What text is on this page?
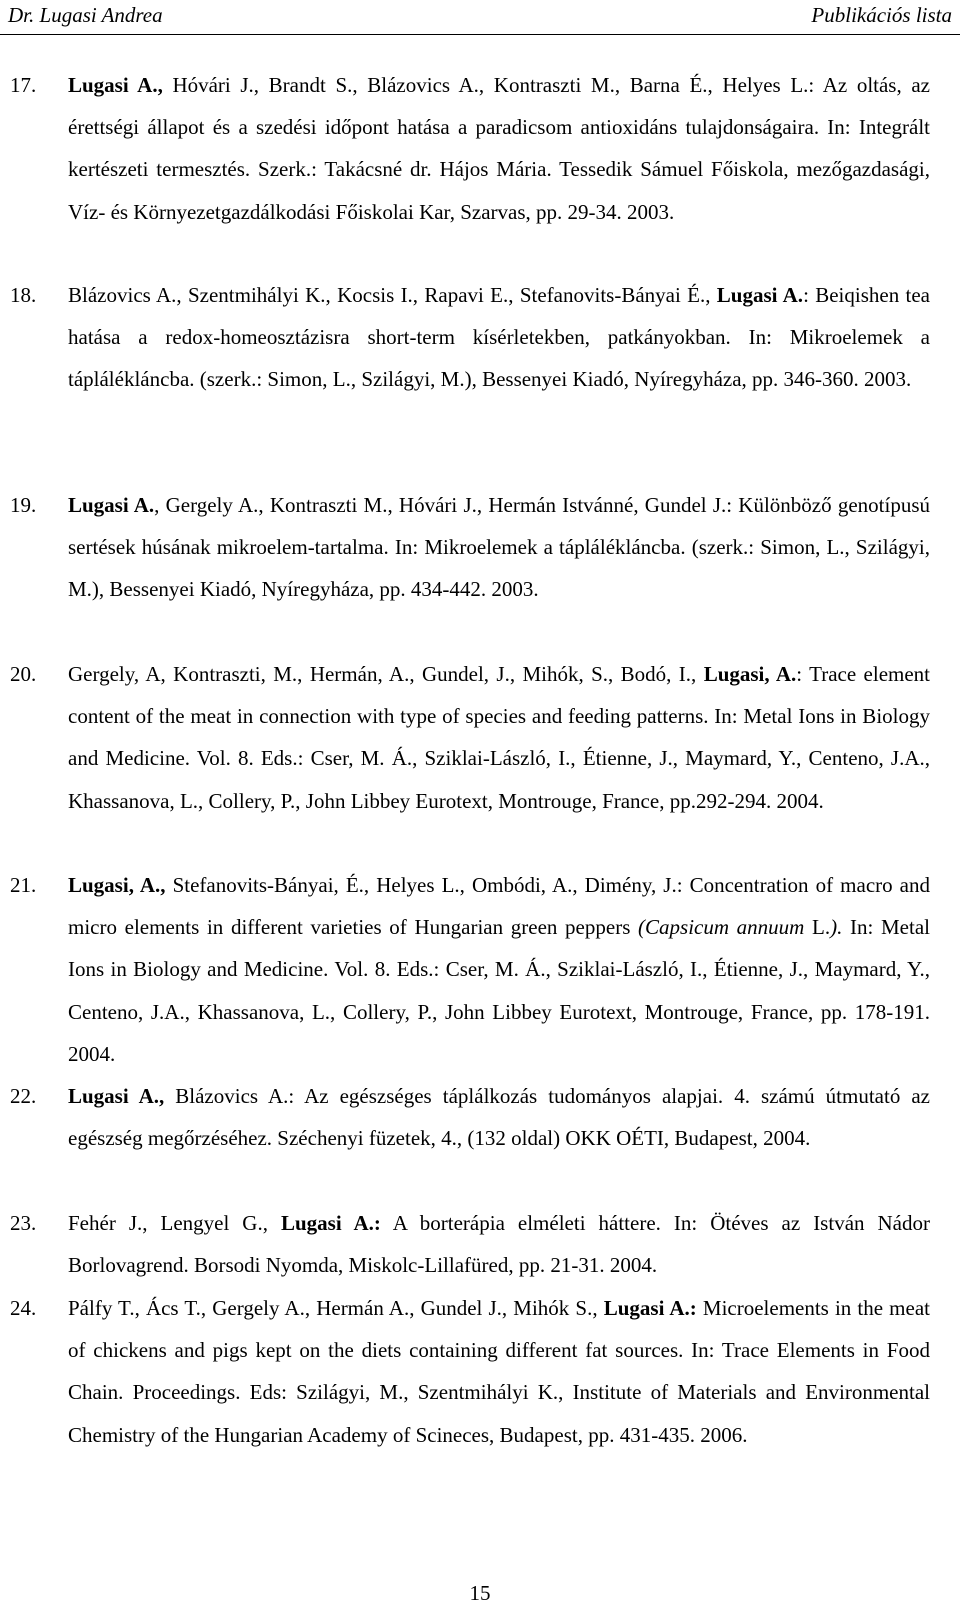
Dr. Lugasi Andrea	Publikációs lista
17. Lugasi A., Hóvári J., Brandt S., Blázovics A., Kontraszti M., Barna É., Helyes L.: Az oltás, az érettségi állapot és a szedési időpont hatása a paradicsom antioxidáns tulajdonságaira. In: Integrált kertészeti termesztés. Szerk.: Takácsné dr. Hájos Mária. Tessedik Sámuel Főiskola, mezőgazdasági, Víz- és Környezetgazdálkodási Főiskolai Kar, Szarvas, pp. 29-34. 2003.
18. Blázovics A., Szentmihályi K., Kocsis I., Rapavi E., Stefanovits-Bányai É., Lugasi A.: Beiqishen tea hatása a redox-homeosztázisra short-term kísérletekben, patkányokban. In: Mikroelemek a táplálékláncba. (szerk.: Simon, L., Szilágyi, M.), Bessenyei Kiadó, Nyíregyháza, pp. 346-360. 2003.
19. Lugasi A., Gergely A., Kontraszti M., Hóvári J., Hermán Istvánné, Gundel J.: Különböző genotípusú sertések húsának mikroelem-tartalma. In: Mikroelemek a táplálékláncba. (szerk.: Simon, L., Szilágyi, M.), Bessenyei Kiadó, Nyíregyháza, pp. 434-442. 2003.
20. Gergely, A, Kontraszti, M., Hermán, A., Gundel, J., Mihók, S., Bodó, I., Lugasi, A.: Trace element content of the meat in connection with type of species and feeding patterns. In: Metal Ions in Biology and Medicine. Vol. 8. Eds.: Cser, M. Á., Sziklai-László, I., Étienne, J., Maymard, Y., Centeno, J.A., Khassanova, L., Collery, P., John Libbey Eurotext, Montrouge, France, pp.292-294. 2004.
21. Lugasi, A., Stefanovits-Bányai, É., Helyes L., Ombódi, A., Dimény, J.: Concentration of macro and micro elements in different varieties of Hungarian green peppers (Capsicum annuum L.). In: Metal Ions in Biology and Medicine. Vol. 8. Eds.: Cser, M. Á., Sziklai-László, I., Étienne, J., Maymard, Y., Centeno, J.A., Khassanova, L., Collery, P., John Libbey Eurotext, Montrouge, France, pp. 178-191. 2004.
22. Lugasi A., Blázovics A.: Az egészséges táplálkozás tudományos alapjai. 4. számú útmutató az egészség megőrzéséhez. Széchenyi füzetek, 4., (132 oldal) OKK OÉTI, Budapest, 2004.
23. Fehér J., Lengyel G., Lugasi A.: A borterápia elméleti háttere. In: Ötéves az István Nádor Borlovagrend. Borsodi Nyomda, Miskolc-Lillafüred, pp. 21-31. 2004.
24. Pálfy T., Ács T., Gergely A., Hermán A., Gundel J., Mihók S., Lugasi A.: Microelements in the meat of chickens and pigs kept on the diets containing different fat sources. In: Trace Elements in Food Chain. Proceedings. Eds: Szilágyi, M., Szentmihályi K., Institute of Materials and Environmental Chemistry of the Hungarian Academy of Scineces, Budapest, pp. 431-435. 2006.
15
